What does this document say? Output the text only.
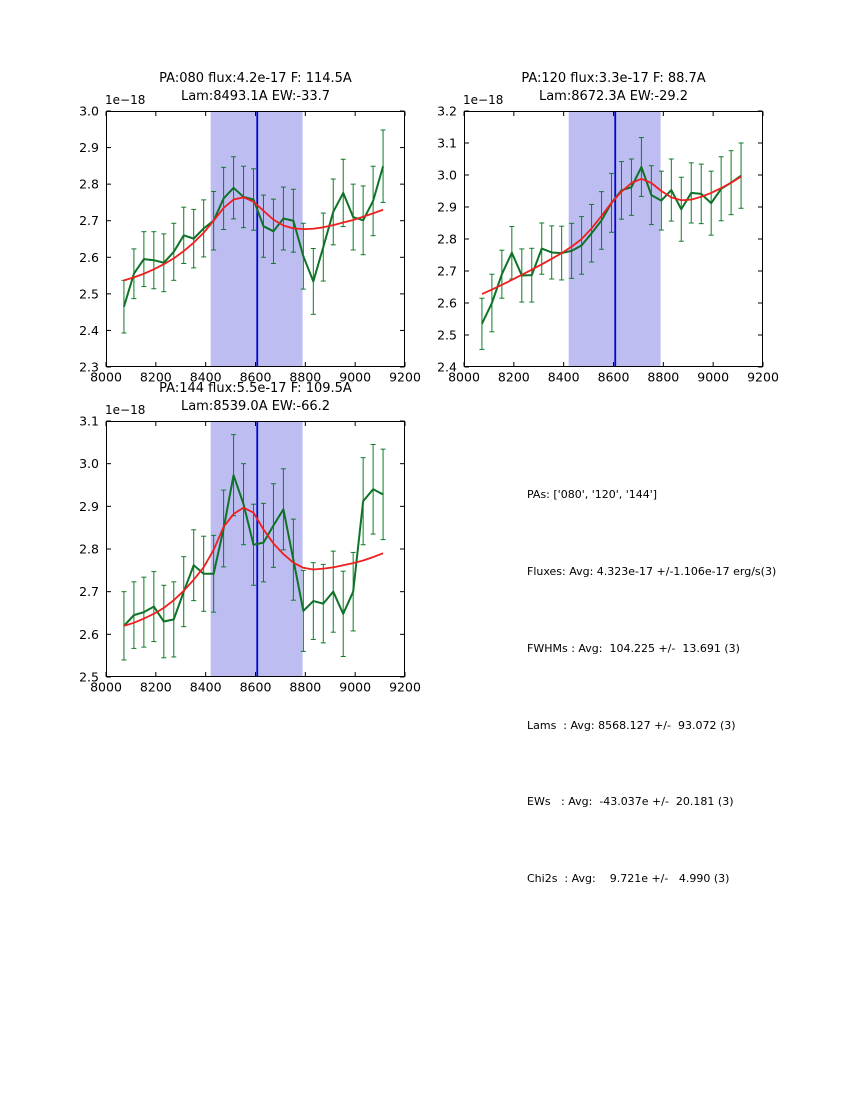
PA:080 flux:4.2e-17 F: 114.5A
Lam:8493.1A EW:-33.7
1e−18
8000 8200 8400 8600 8800 9000 9200
2.3
2.4
2.5
2.6
2.7
2.8
2.9
3.0
PA:120 flux:3.3e-17 F: 88.7A
Lam:8672.3A EW:-29.2
1e−18
8000 8200 8400 8600 8800 9000 9200
2.4
2.5
2.6
2.7
2.8
2.9
3.0
3.1
3.2
PA:144 flux:5.5e-17 F: 109.5A
Lam:8539.0A EW:-66.2
1e−18
8000 8200 8400 8600 8800 9000 9200
2.5
2.6
2.7
2.8
2.9
3.0
3.1

PAs: ['080', '120', '144']

Fluxes: Avg: 4.323e-17 +/-1.106e-17 erg/s(3)

FWHMs : Avg:  104.225 +/-  13.691 (3)

Lams  : Avg: 8568.127 +/-  93.072 (3)

EWs   : Avg:  -43.037e +/-  20.181 (3)

Chi2s  : Avg:    9.721e +/-   4.990 (3)
